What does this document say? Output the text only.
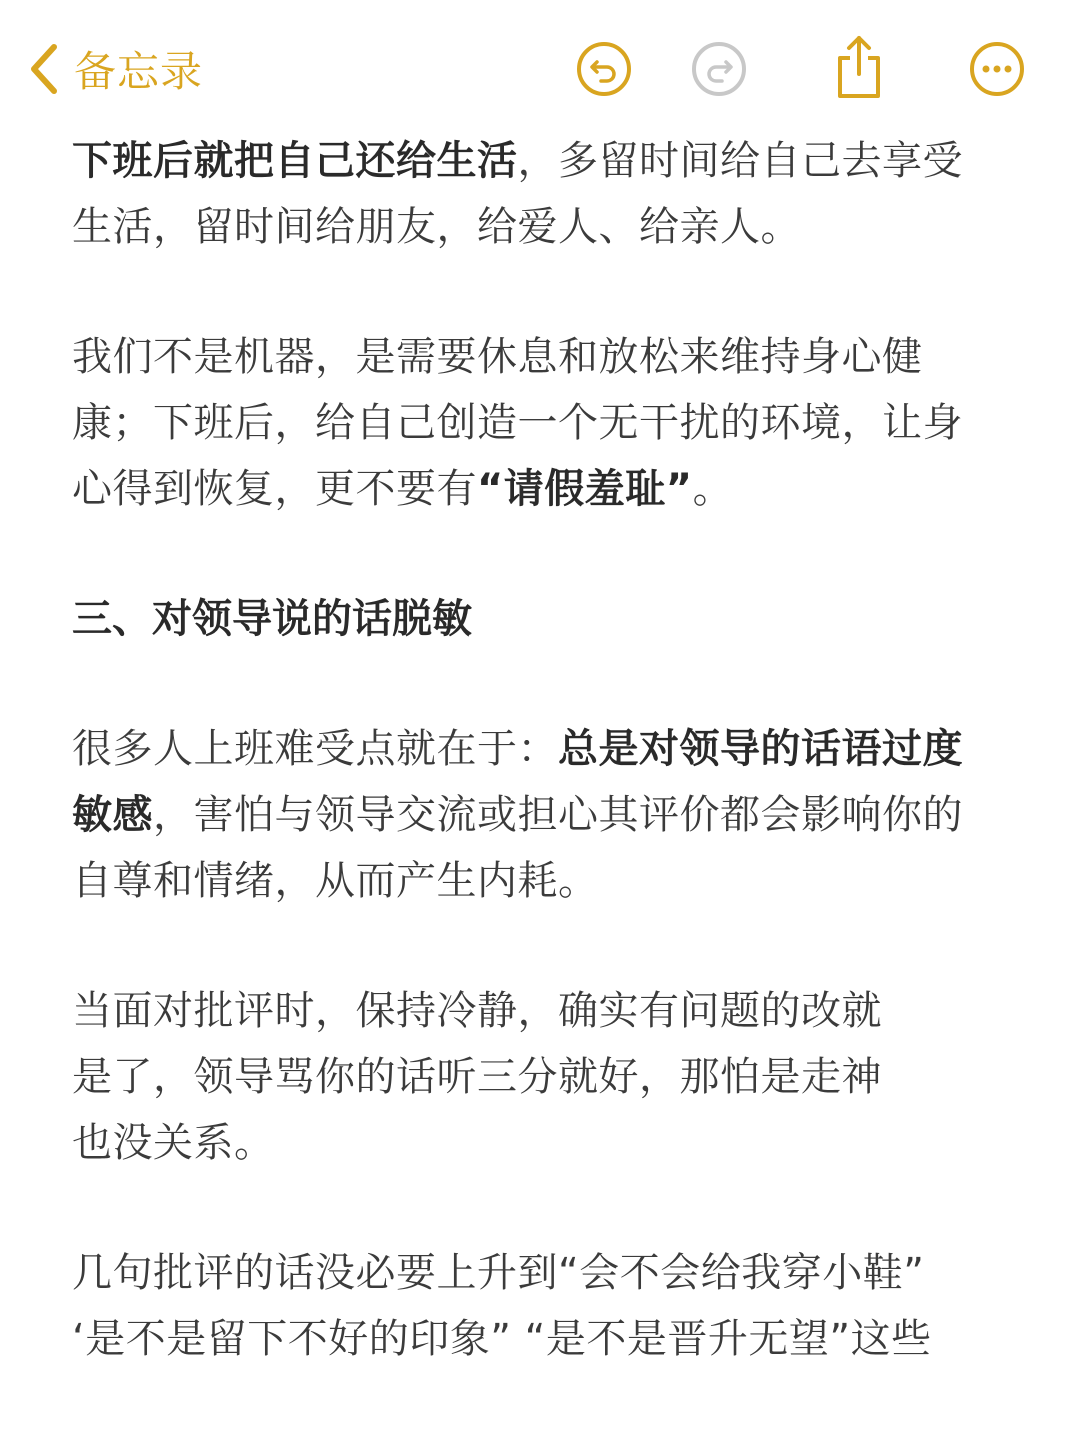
备忘录

下班后就把自己还给生活，多留时间给自己去享受
生活，留时间给朋友，给爱人、给亲人。

我们不是机器，是需要休息和放松来维持身心健
康；下班后，给自己创造一个无干扰的环境，让身
心得到恢复，更不要有“请假羞耻”。

三、对领导说的话脱敏

很多人上班难受点就在于：总是对领导的话语过度
敏感，害怕与领导交流或担心其评价都会影响你的
自尊和情绪，从而产生内耗。

当面对批评时，保持冷静，确实有问题的改就
是了，领导骂你的话听三分就好，那怕是走神
也没关系。

几句批评的话没必要上升到“会不会给我穿小鞋”
‘是不是留下不好的印象” “是不是晋升无望”这些
